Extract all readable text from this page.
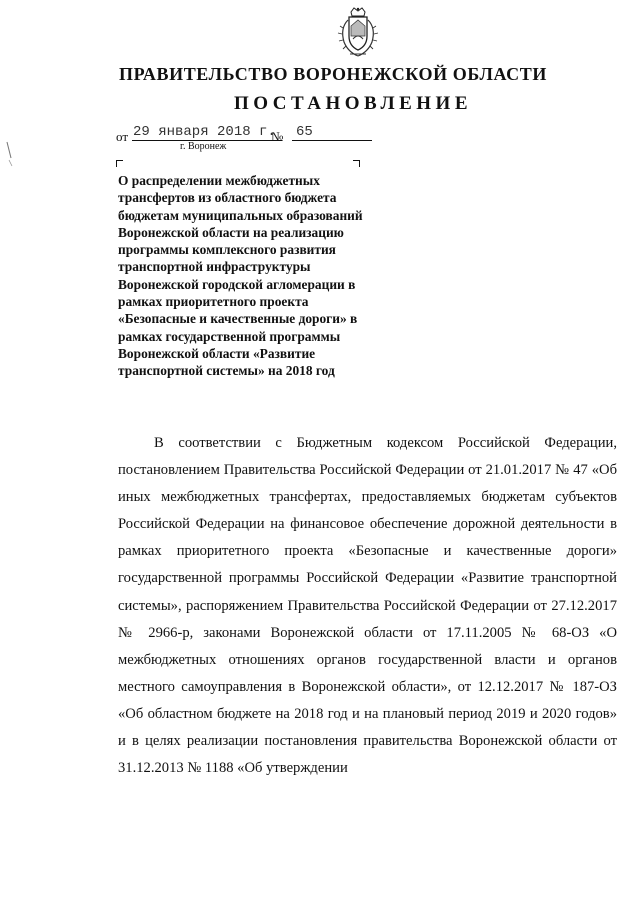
ПРАВИТЕЛЬСТВО ВОРОНЕЖСКОЙ ОБЛАСТИ
ПОСТАНОВЛЕНИЕ
от 29 января 2018 г.
№ 65
г. Воронеж
О распределении межбюджетных трансфертов из областного бюджета бюджетам муниципальных образований Воронежской области на реализацию программы комплексного развития транспортной инфраструктуры Воронежской городской агломерации в рамках приоритетного проекта «Безопасные и качественные дороги» в рамках государственной программы Воронежской области «Развитие транспортной системы» на 2018 год

В соответствии с Бюджетным кодексом Российской Федерации, постановлением Правительства Российской Федерации от 21.01.2017 № 47 «Об иных межбюджетных трансфертах, предоставляемых бюджетам субъектов Российской Федерации на финансовое обеспечение дорожной деятельности в рамках приоритетного проекта «Безопасные и качественные дороги» государственной программы Российской Федерации «Развитие транспортной системы», распоряжением Правительства Российской Федерации от 27.12.2017 № 2966-р, законами Воронежской области от 17.11.2005 № 68-ОЗ «О межбюджетных отношениях органов государственной власти и органов местного самоуправления в Воронежской области», от 12.12.2017 № 187-ОЗ «Об областном бюджете на 2018 год и на плановый период 2019 и 2020 годов» и в целях реализации постановления правительства Воронежской области от 31.12.2013 № 1188 «Об утверждении
